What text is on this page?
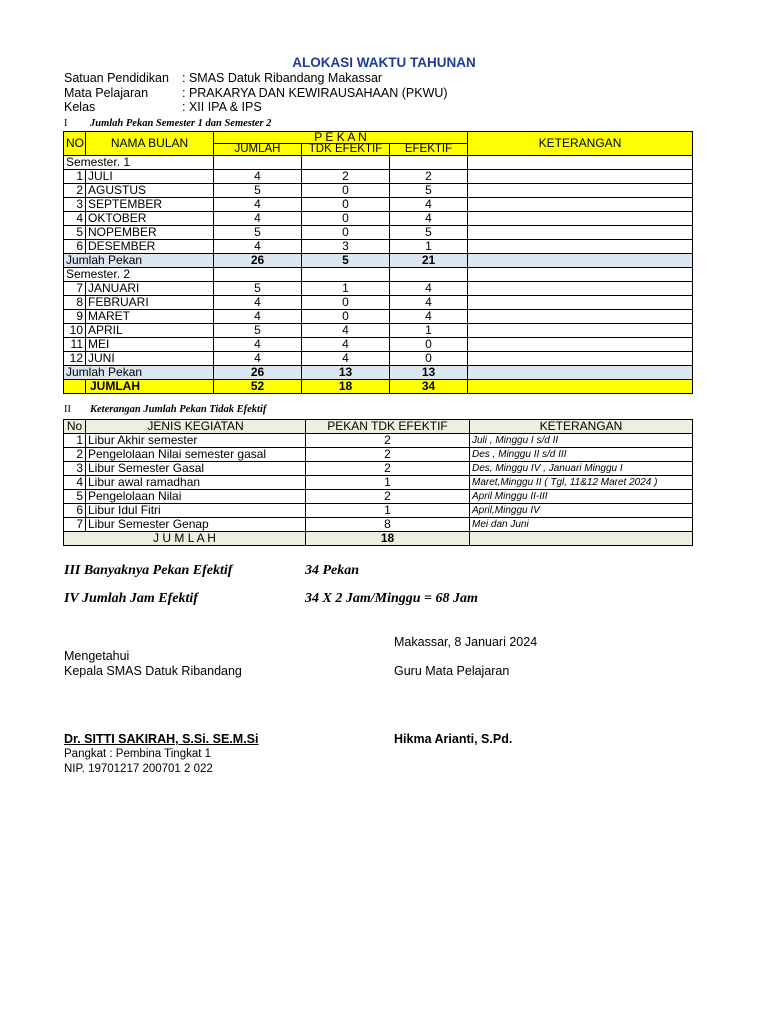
ALOKASI WAKTU TAHUNAN
Satuan Pendidikan : SMAS Datuk Ribandang Makassar
Mata Pelajaran	: PRAKARYA DAN KEWIRAUSAHAAN (PKWU)
Kelas	: XII IPA & IPS
I Jumlah Pekan Semester 1 dan Semester 2
NO	NAMA BULAN	P E K A N			KETERANGAN
		JUMLAH	TDK EFEKTIF	EFEKTIF	
Semester. 1					
1	JULI	4	2	2	
2	AGUSTUS	5	0	5	
3	SEPTEMBER	4	0	4	
4	OKTOBER	4	0	4	
5	NOPEMBER	5	0	5	
6	DESEMBER	4	3	1	
Jumlah Pekan		26	5	21	
Semester. 2					
7	JANUARI	5	1	4	
8	FEBRUARI	4	0	4	
9	MARET	4	0	4	
10	APRIL	5	4	1	
11	MEI	4	4	0	
12	JUNI	4	4	0	
Jumlah Pekan		26	13	13	
	JUMLAH	52	18	34	
II Keterangan Jumlah Pekan Tidak Efektif
No	JENIS KEGIATAN	PEKAN TDK EFEKTIF	KETERANGAN
1	Libur Akhir semester	2	Juli , Minggu I s/d II
2	Pengelolaan Nilai semester gasal	2	Des , Minggu II s/d III
3	Libur Semester Gasal	2	Des, Minggu IV , Januari Minggu I
4	Libur awal ramadhan	1	Maret,Minggu II ( Tgl, 11&12 Maret 2024 )
5	Pengelolaan Nilai	2	April Minggu II-III
6	Libur Idul Fitri	1	April,Minggu IV
7	Libur Semester Genap	8	Mei dan Juni
J U M L A H		18	
III Banyaknya Pekan Efektif	34 Pekan
IV Jumlah Jam Efektif	34 X 2 Jam/Minggu = 68 Jam
Makassar, 8 Januari 2024
Mengetahui
Kepala SMAS Datuk Ribandang	Guru Mata Pelajaran
Dr. SITTI SAKIRAH, S.Si. SE.M.Si	Hikma Arianti, S.Pd.
Pangkat : Pembina Tingkat 1
NIP. 19701217 200701 2 022
